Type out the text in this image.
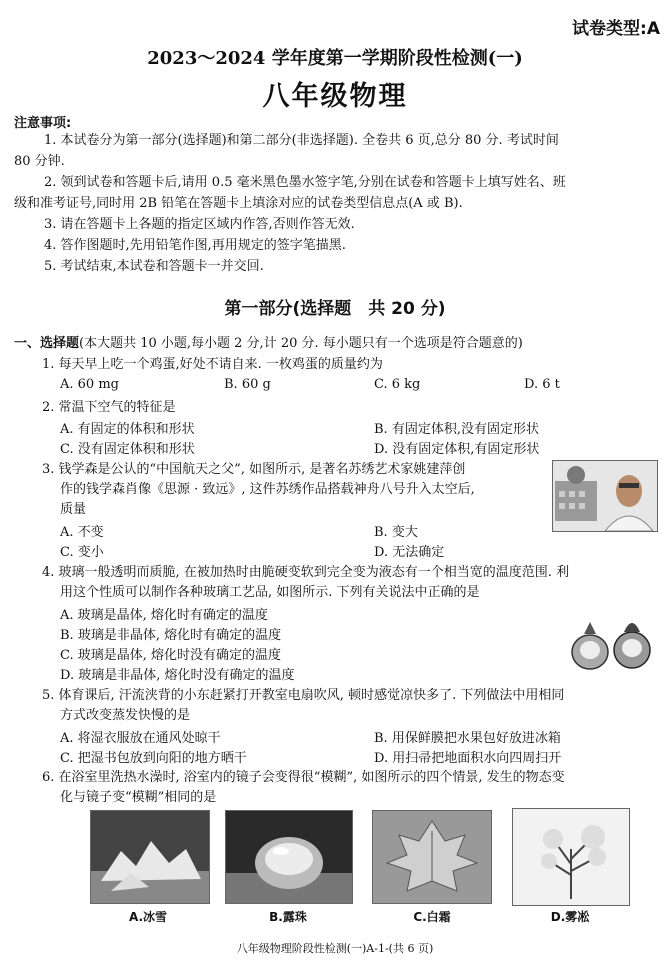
试卷类型:A
2023～2024 学年度第一学期阶段性检测(一)
八年级物理
注意事项:
1. 本试卷分为第一部分(选择题)和第二部分(非选择题). 全卷共 6 页,总分 80 分. 考试时间
80 分钟.
2. 领到试卷和答题卡后,请用 0.5 毫米黑色墨水签字笔,分别在试卷和答题卡上填写姓名、班
级和准考证号,同时用 2B 铅笔在答题卡上填涂对应的试卷类型信息点(A 或 B).
3. 请在答题卡上各题的指定区域内作答,否则作答无效.
4. 答作图题时,先用铅笔作图,再用规定的签字笔描黑.
5. 考试结束,本试卷和答题卡一并交回.
第一部分(选择题　共 20 分)
一、选择题(本大题共 10 小题,每小题 2 分,计 20 分. 每小题只有一个选项是符合题意的)
1. 每天早上吃一个鸡蛋,好处不请自来. 一枚鸡蛋的质量约为
A. 60 mg	B. 60 g	C. 6 kg	D. 6 t
2. 常温下空气的特征是
A. 有固定的体积和形状	B. 有固定体积,没有固定形状
C. 没有固定体积和形状	D. 没有固定体积,有固定形状
3. 钱学森是公认的“中国航天之父”, 如图所示, 是著名苏绣艺术家姚建萍创
作的钱学森肖像《思源 · 致远》, 这件苏绣作品搭载神舟八号升入太空后,
质量
A. 不变	B. 变大
C. 变小	D. 无法确定
4. 玻璃一般透明而质脆, 在被加热时由脆硬变软到完全变为液态有一个相当宽的温度范围. 利
用这个性质可以制作各种玻璃工艺品, 如图所示. 下列有关说法中正确的是
A. 玻璃是晶体, 熔化时有确定的温度
B. 玻璃是非晶体, 熔化时有确定的温度
C. 玻璃是晶体, 熔化时没有确定的温度
D. 玻璃是非晶体, 熔化时没有确定的温度
5. 体育课后, 汗流浃背的小东赶紧打开教室电扇吹风, 顿时感觉凉快多了. 下列做法中用相同
方式改变蒸发快慢的是
A. 将湿衣服放在通风处晾干	B. 用保鲜膜把水果包好放进冰箱
C. 把湿书包放到向阳的地方晒干	D. 用扫帚把地面积水向四周扫开
6. 在浴室里洗热水澡时, 浴室内的镜子会变得很“模糊”, 如图所示的四个情景, 发生的物态变
化与镜子变“模糊”相同的是
A.冰雪	B.露珠	C.白霜	D.雾凇
八年级物理阶段性检测(一)A-1-(共 6 页)
